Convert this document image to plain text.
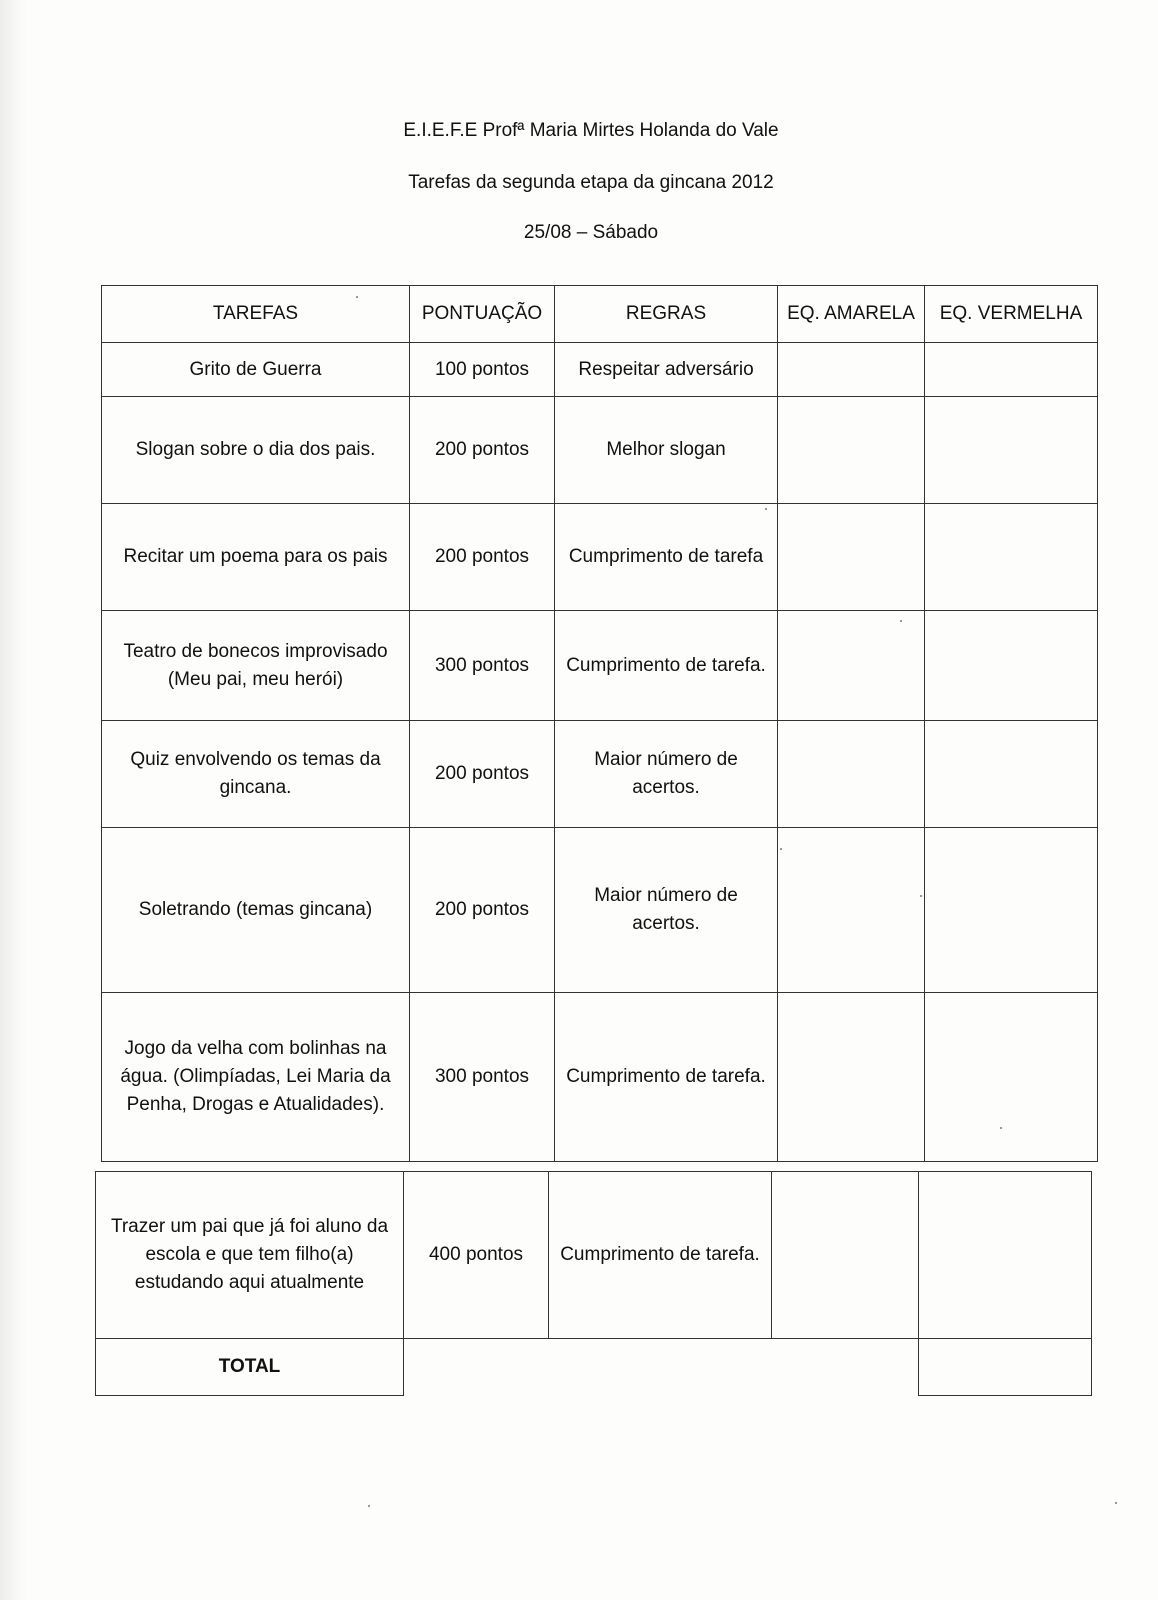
E.I.E.F.E Profª Maria Mirtes Holanda do Vale
Tarefas da segunda etapa da gincana 2012
25/08 – Sábado
TAREFAS	PONTUAÇÃO	REGRAS	EQ. AMARELA	EQ. VERMELHA
Grito de Guerra	100 pontos	Respeitar adversário		
Slogan sobre o dia dos pais.	200 pontos	Melhor slogan		
Recitar um poema para os pais	200 pontos	Cumprimento de tarefa		
Teatro de bonecos improvisado (Meu pai, meu herói)	300 pontos	Cumprimento de tarefa.		
Quiz envolvendo os temas da gincana.	200 pontos	Maior número de acertos.		
Soletrando (temas gincana)	200 pontos	Maior número de acertos.		
Jogo da velha com bolinhas na água. (Olimpíadas, Lei Maria da Penha, Drogas e Atualidades).	300 pontos	Cumprimento de tarefa.		
Trazer um pai que já foi aluno da escola e que tem filho(a) estudando aqui atualmente	400 pontos	Cumprimento de tarefa.		
TOTAL				
